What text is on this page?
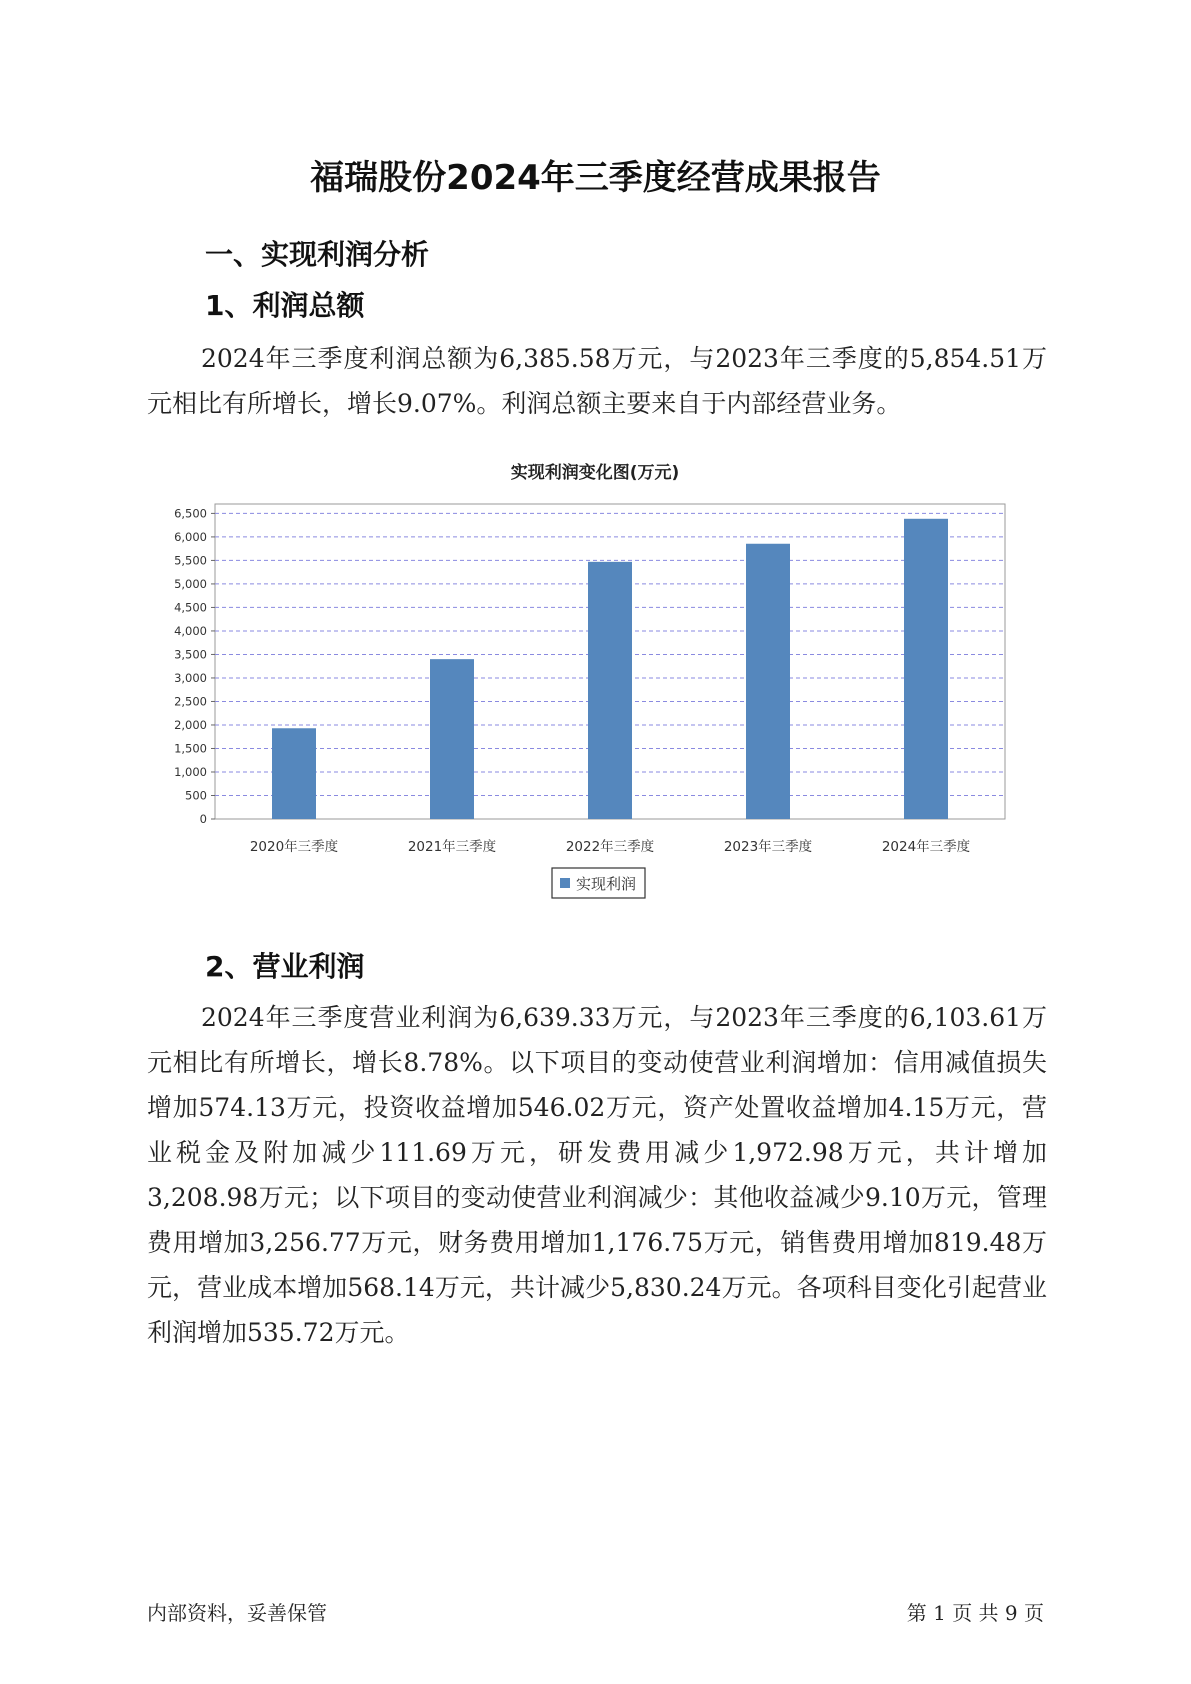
福瑞股份2024年三季度经营成果报告
一、实现利润分析
1、利润总额
2024年三季度利润总额为6,385.58万元，与2023年三季度的5,854.51万元相比有所增长，增长9.07%。利润总额主要来自于内部经营业务。
实现利润变化图(万元)
0
500
1,000
1,500
2,000
2,500
3,000
3,500
4,000
4,500
5,000
5,500
6,000
6,500
2020年三季度	2021年三季度	2022年三季度	2023年三季度	2024年三季度
实现利润
2、营业利润
2024年三季度营业利润为6,639.33万元，与2023年三季度的6,103.61万元相比有所增长，增长8.78%。以下项目的变动使营业利润增加：信用减值损失增加574.13万元，投资收益增加546.02万元，资产处置收益增加4.15万元，营业税金及附加减少111.69万元，研发费用减少1,972.98万元，共计增加3,208.98万元；以下项目的变动使营业利润减少：其他收益减少9.10万元，管理费用增加3,256.77万元，财务费用增加1,176.75万元，销售费用增加819.48万元，营业成本增加568.14万元，共计减少5,830.24万元。各项科目变化引起营业利润增加535.72万元。
内部资料，妥善保管	第 1 页 共 9 页
